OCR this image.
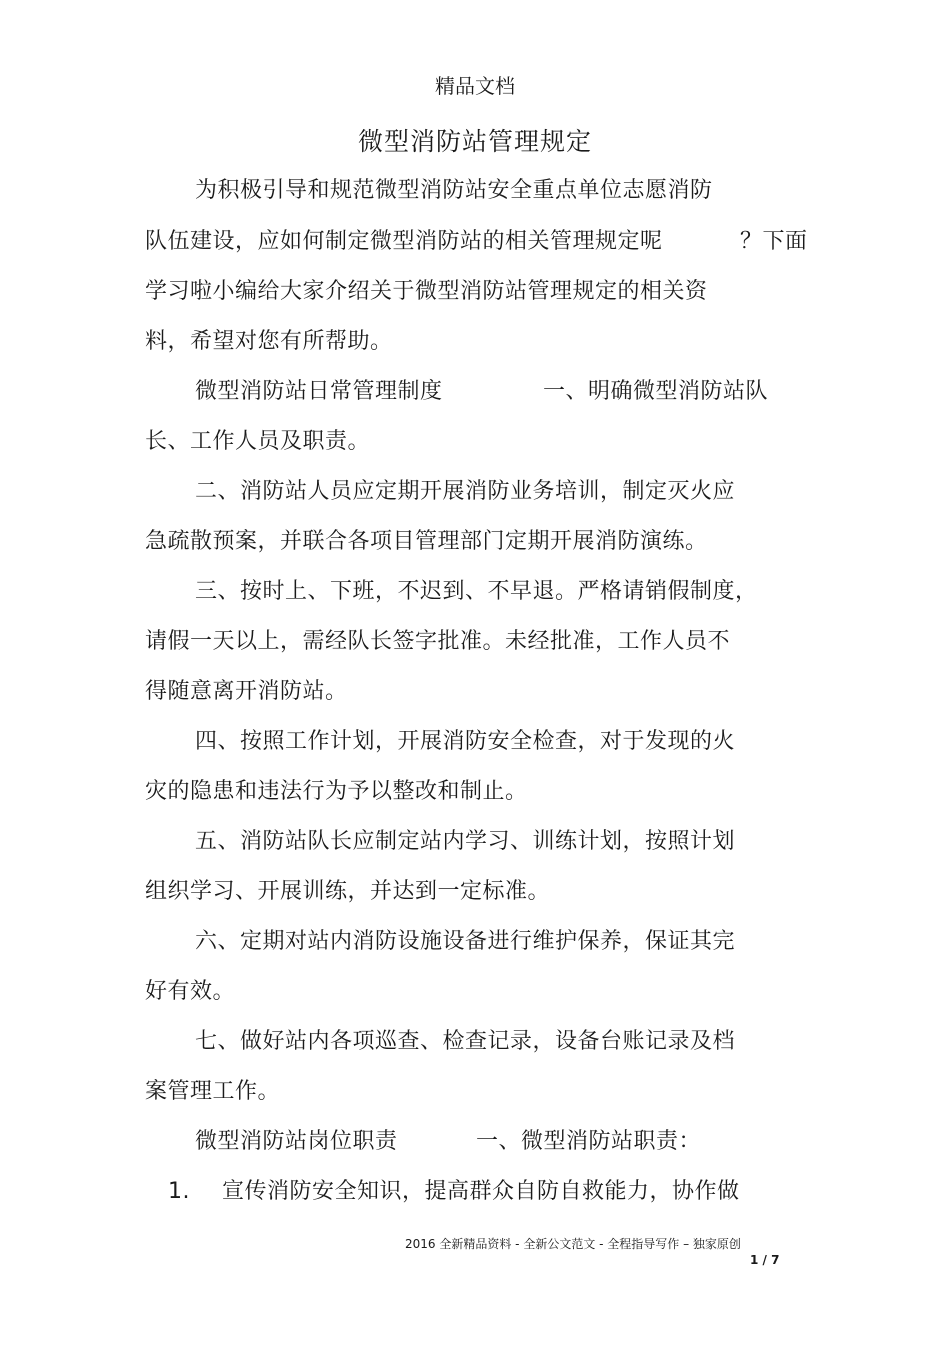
精品文档
微型消防站管理规定
为积极引导和规范微型消防站安全重点单位志愿消防
队伍建设，应如何制定微型消防站的相关管理规定呢	？下面
学习啦小编给大家介绍关于微型消防站管理规定的相关资
料，希望对您有所帮助。
微型消防站日常管理制度	一、明确微型消防站队
长、工作人员及职责。
二、消防站人员应定期开展消防业务培训，制定灭火应
急疏散预案，并联合各项目管理部门定期开展消防演练。
三、按时上、下班，不迟到、不早退。严格请销假制度，
请假一天以上，需经队长签字批准。未经批准，工作人员不
得随意离开消防站。
四、按照工作计划，开展消防安全检查，对于发现的火
灾的隐患和违法行为予以整改和制止。
五、消防站队长应制定站内学习、训练计划，按照计划
组织学习、开展训练，并达到一定标准。
六、定期对站内消防设施设备进行维护保养，保证其完
好有效。
七、做好站内各项巡查、检查记录，设备台账记录及档
案管理工作。
微型消防站岗位职责	一、微型消防站职责：
1. 宣传消防安全知识，提高群众自防自救能力，协作做
2016 全新精品资料 - 全新公文范文 - 全程指导写作 – 独家原创
1 / 7
